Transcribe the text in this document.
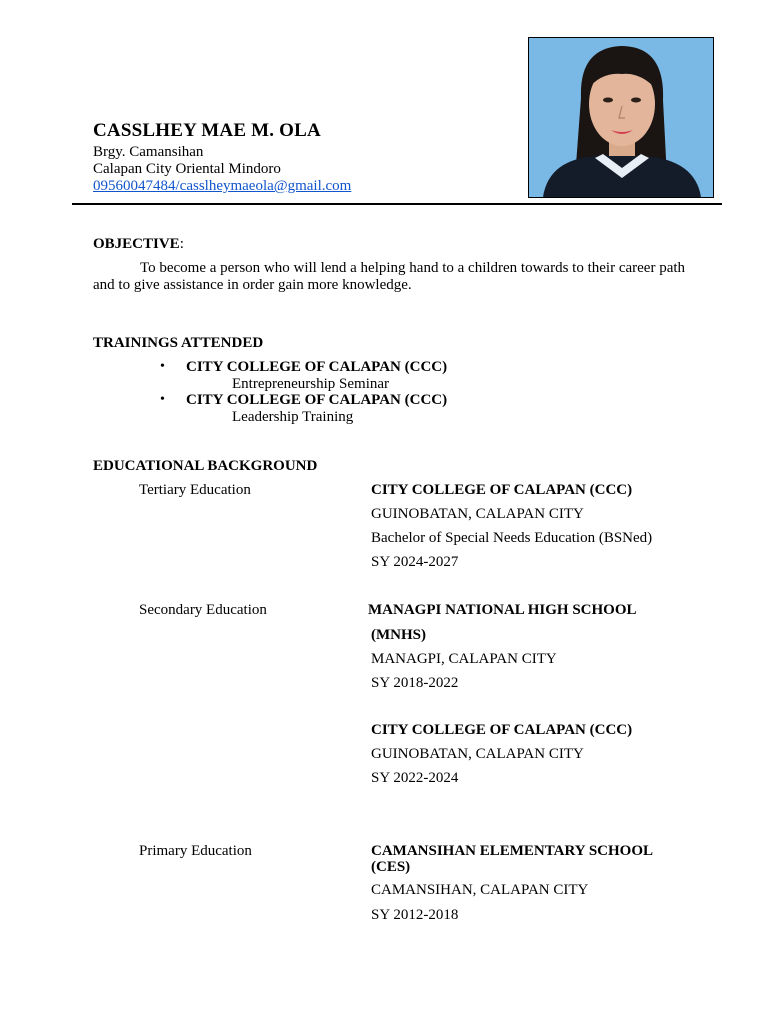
CASSLHEY MAE M. OLA
Brgy. Camansihan
Calapan City Oriental Mindoro
09560047484/casslheymaeola@gmail.com
OBJECTIVE:
To become a person who will lend a helping hand to a children towards to their career path and to give assistance in order gain more knowledge.
TRAININGS ATTENDED
• CITY COLLEGE OF CALAPAN (CCC)
Entrepreneurship Seminar
• CITY COLLEGE OF CALAPAN (CCC)
Leadership Training
EDUCATIONAL BACKGROUND
Tertiary Education	CITY COLLEGE OF CALAPAN (CCC)
GUINOBATAN, CALAPAN CITY
Bachelor of Special Needs Education (BSNed)
SY 2024-2027
Secondary Education	MANAGPI NATIONAL HIGH SCHOOL
(MNHS)
MANAGPI, CALAPAN CITY
SY 2018-2022
CITY COLLEGE OF CALAPAN (CCC)
GUINOBATAN, CALAPAN CITY
SY 2022-2024
Primary Education	CAMANSIHAN ELEMENTARY SCHOOL
(CES)
CAMANSIHAN, CALAPAN CITY
SY 2012-2018
